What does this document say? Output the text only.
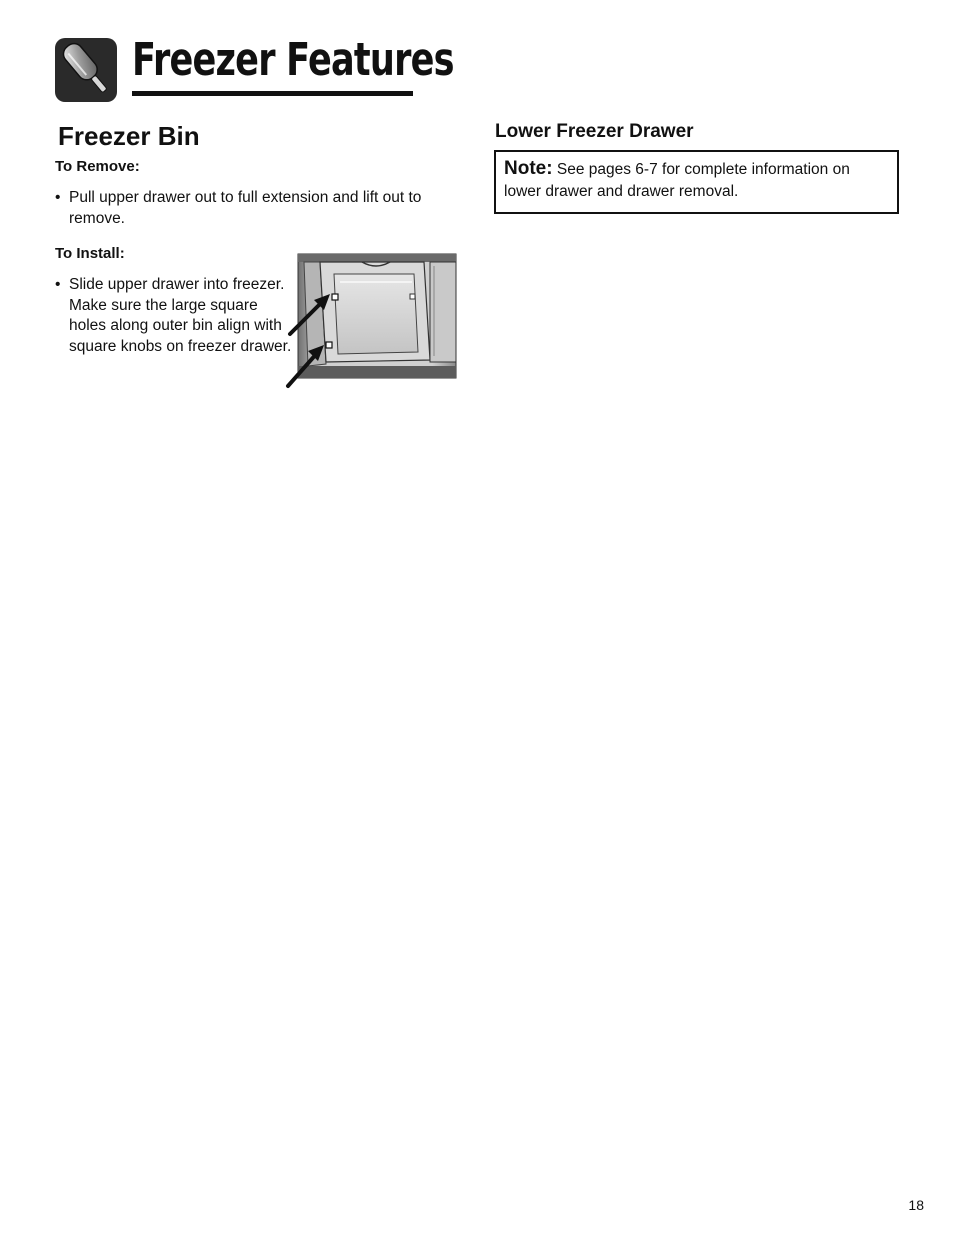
Freezer Features
Freezer Bin
To Remove:

• Pull upper drawer out to full extension and lift out to remove.

To Install:

• Slide upper drawer into freezer. Make sure the large square holes along outer bin align with square knobs on freezer drawer.

Lower Freezer Drawer
Note: See pages 6-7 for complete information on lower drawer and drawer removal.
18
